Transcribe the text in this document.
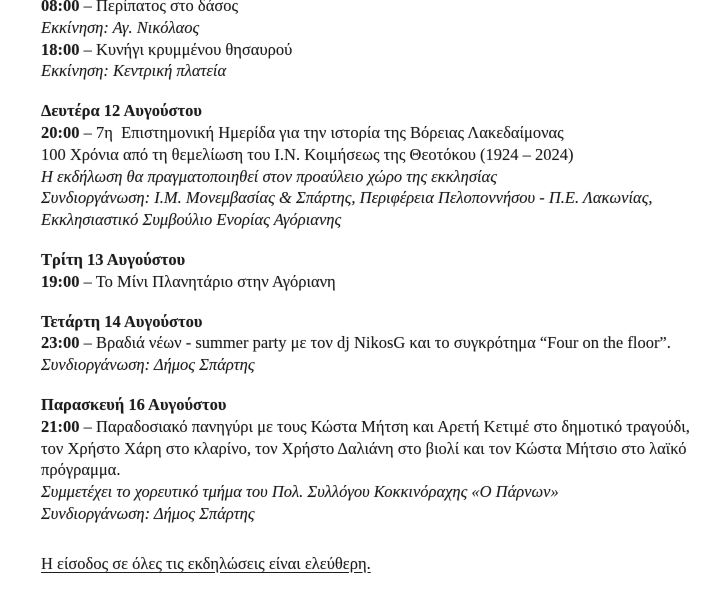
08:00 – Περίπατος στο δάσος
Εκκίνηση: Αγ. Νικόλαος
18:00 – Κυνήγι κρυμμένου θησαυρού
Εκκίνηση: Κεντρική πλατεία
Δευτέρα 12 Αυγούστου
20:00 – 7η  Επιστημονική Ημερίδα για την ιστορία της Βόρειας Λακεδαίμονας
100 Χρόνια από τη θεμελίωση του Ι.Ν. Κοιμήσεως της Θεοτόκου (1924 – 2024)
Η εκδήλωση θα πραγματοποιηθεί στον προαύλειο χώρο της εκκλησίας
Συνδιοργάνωση: Ι.Μ. Μονεμβασίας & Σπάρτης, Περιφέρεια Πελοποννήσου - Π.Ε. Λακωνίας,
Εκκλησιαστικό Συμβούλιο Ενορίας Αγόριανης
Τρίτη 13 Αυγούστου
19:00 – Το Μίνι Πλανητάριο στην Αγόριανη
Τετάρτη 14 Αυγούστου
23:00 – Βραδιά νέων - summer party με τον dj NikosG και το συγκρότημα “Four on the floor”.
Συνδιοργάνωση: Δήμος Σπάρτης
Παρασκευή 16 Αυγούστου
21:00 – Παραδοσιακό πανηγύρι με τους Κώστα Μήτση και Αρετή Κετιμέ στο δημοτικό τραγούδι,
τον Χρήστο Χάρη στο κλαρίνο, τον Χρήστο Δαλιάνη στο βιολί και τον Κώστα Μήτσιο στο λαϊκό
πρόγραμμα.
Συμμετέχει το χορευτικό τμήμα του Πολ. Συλλόγου Κοκκινόραχης «Ο Πάρνων»
Συνδιοργάνωση: Δήμος Σπάρτης
Η είσοδος σε όλες τις εκδηλώσεις είναι ελεύθερη.
